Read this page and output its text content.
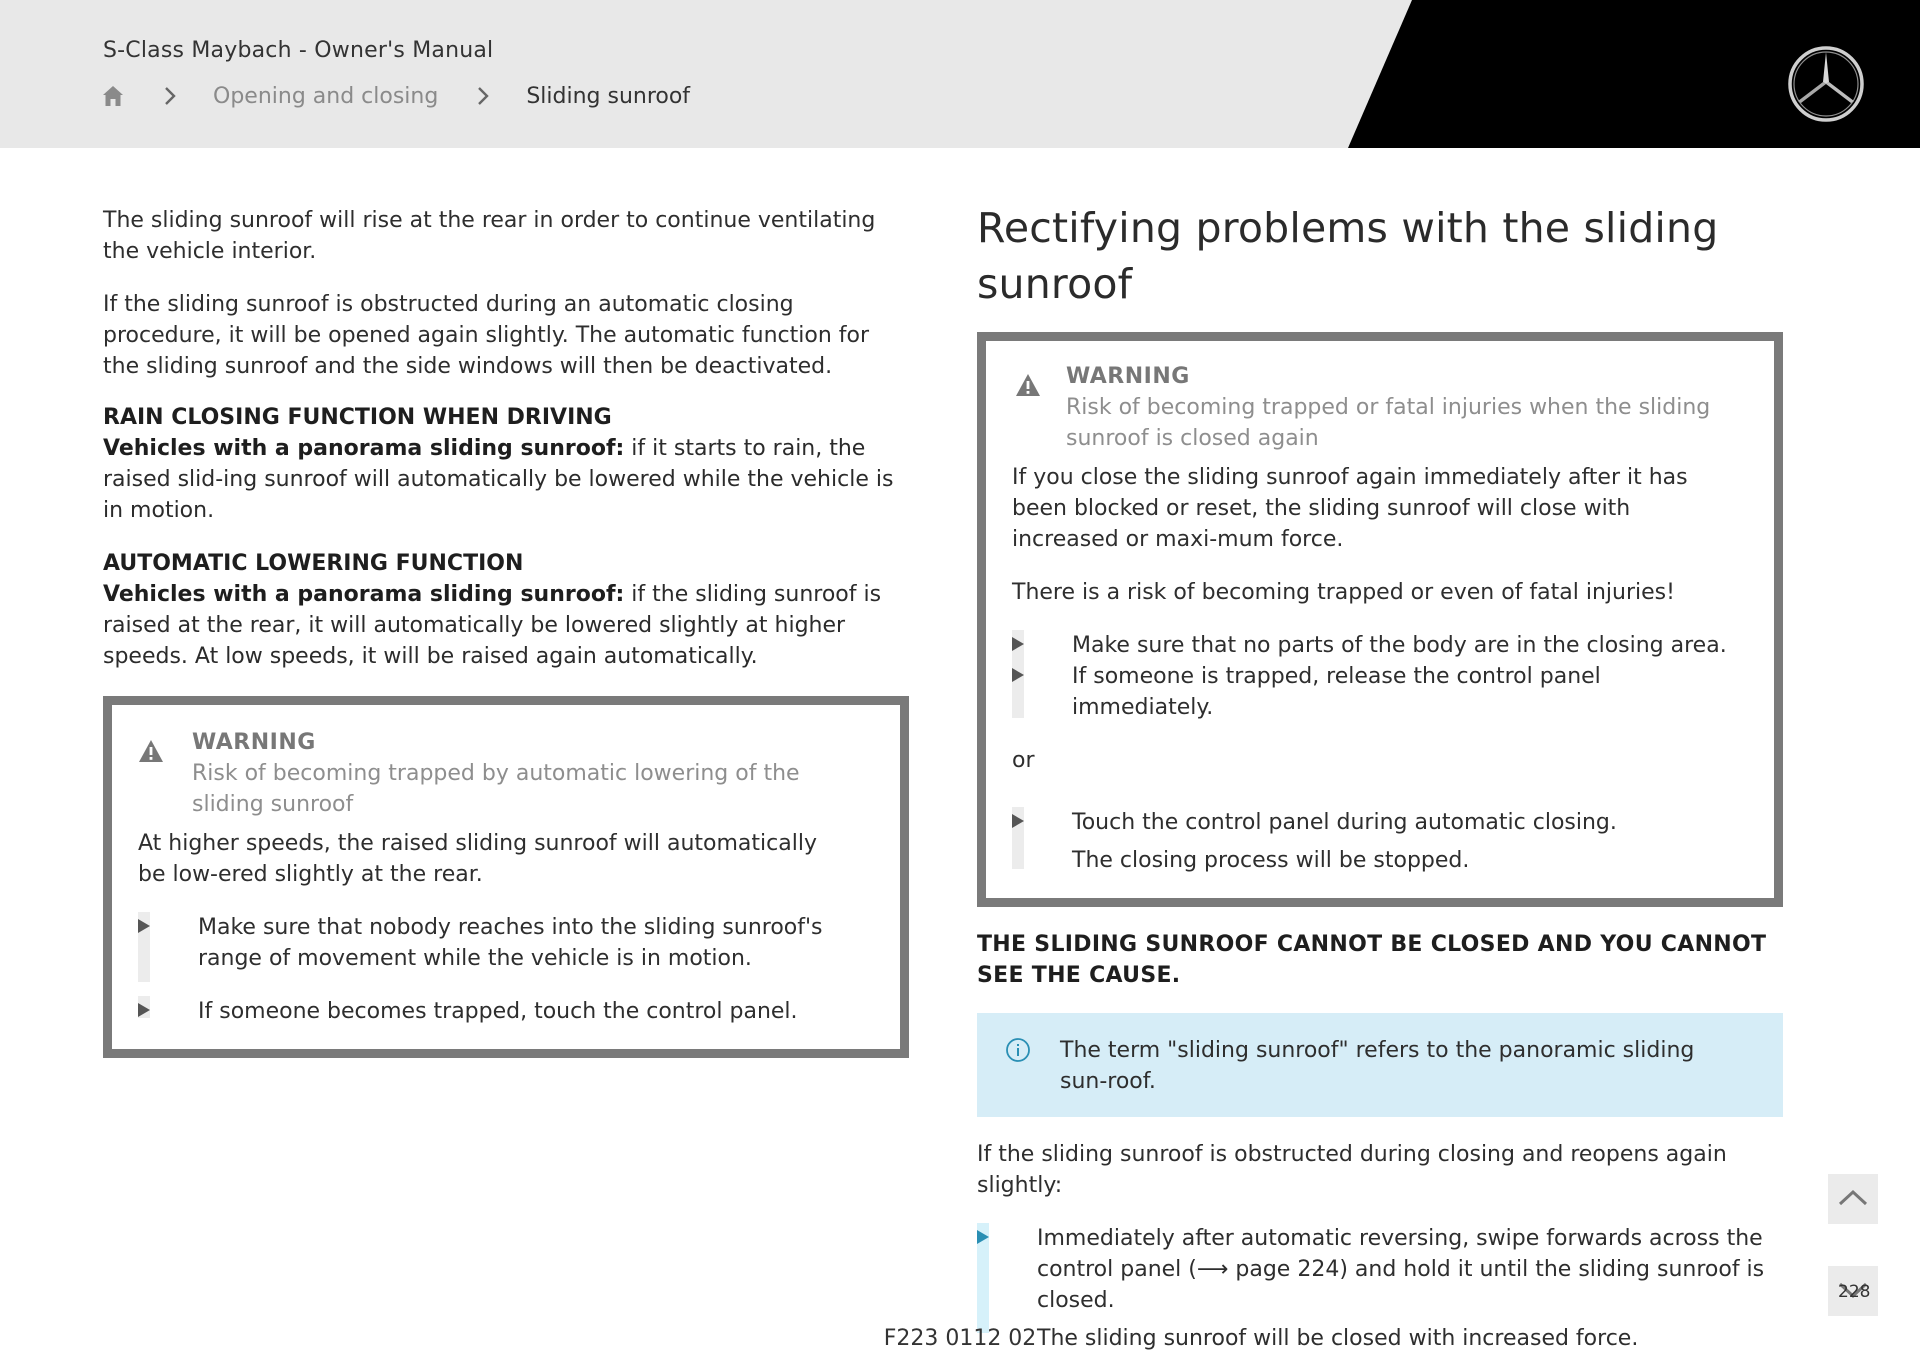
S-Class Maybach - Owner's Manual
Opening and closing	Sliding sunroof

The sliding sunroof will rise at the rear in order to continue ventilating the vehicle interior.

If the sliding sunroof is obstructed during an automatic closing procedure, it will be opened again slightly. The automatic function for the sliding sunroof and the side windows will then be deactivated.

RAIN CLOSING FUNCTION WHEN DRIVING
Vehicles with a panorama sliding sunroof: if it starts to rain, the raised slid-ing sunroof will automatically be lowered while the vehicle is in motion.
AUTOMATIC LOWERING FUNCTION
Vehicles with a panorama sliding sunroof: if the sliding sunroof is raised at the rear, it will automatically be lowered slightly at higher speeds. At low speeds, it will be raised again automatically.
WARNING
Risk of becoming trapped by automatic lowering of the sliding sunroof
At higher speeds, the raised sliding sunroof will automatically be low-ered slightly at the rear.
Make sure that nobody reaches into the sliding sunroof's range of movement while the vehicle is in motion.
If someone becomes trapped, touch the control panel.
Rectifying problems with the sliding sunroof
WARNING
Risk of becoming trapped or fatal injuries when the sliding sunroof is closed again
If you close the sliding sunroof again immediately after it has been blocked or reset, the sliding sunroof will close with increased or maxi-mum force.
There is a risk of becoming trapped or even of fatal injuries!
Make sure that no parts of the body are in the closing area.
If someone is trapped, release the control panel immediately.
or
Touch the control panel during automatic closing.
The closing process will be stopped.
THE SLIDING SUNROOF CANNOT BE CLOSED AND YOU CANNOT SEE THE CAUSE.
The term "sliding sunroof" refers to the panoramic sliding sun-roof.

If the sliding sunroof is obstructed during closing and reopens again slightly:

Immediately after automatic reversing, swipe forwards across the control panel (⟶ page 224) and hold it until the sliding sunroof is closed.
The sliding sunroof will be closed with increased force.
228
F223 0112 02
